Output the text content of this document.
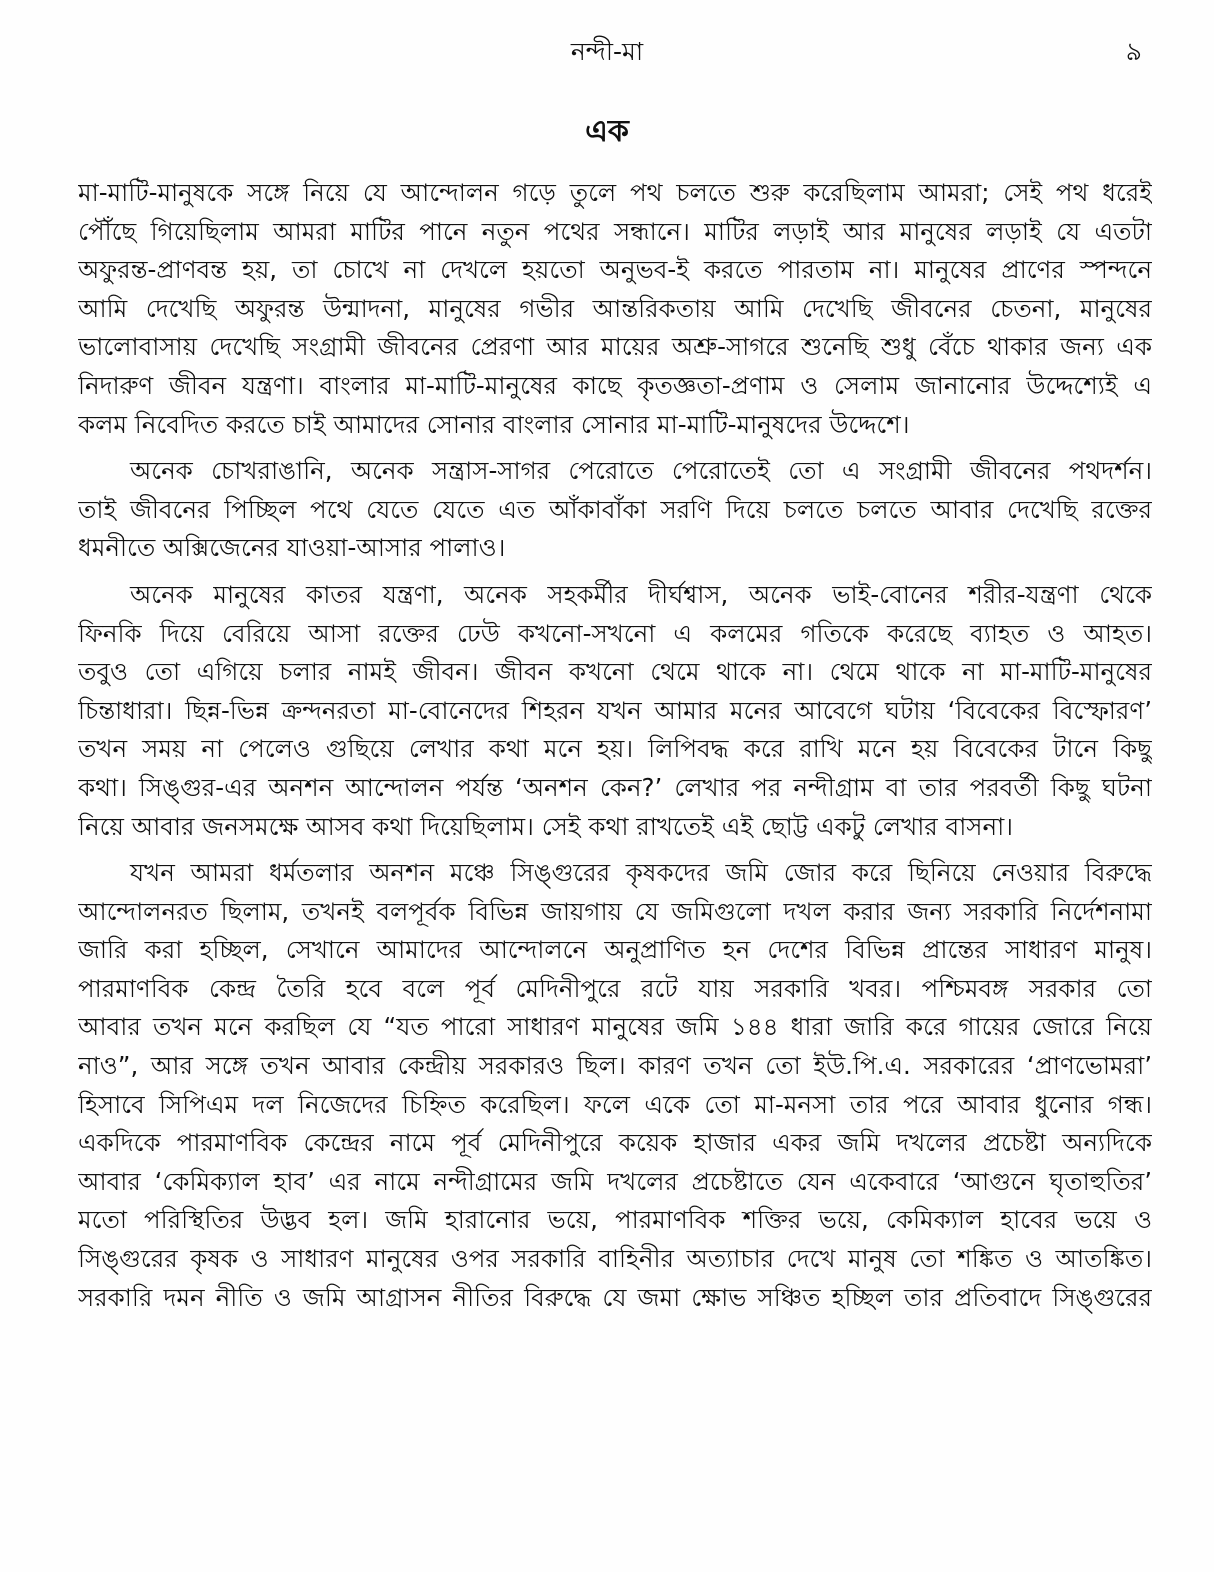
নন্দী-মা	৯
এক
মা-মাটি-মানুষকে সঙ্গে নিয়ে যে আন্দোলন গড়ে তুলে পথ চলতে শুরু করেছিলাম আমরা; সেই পথ ধরেই
পৌঁছে গিয়েছিলাম আমরা মাটির পানে নতুন পথের সন্ধানে। মাটির লড়াই আর মানুষের লড়াই যে এতটা
অফুরন্ত-প্রাণবন্ত হয়, তা চোখে না দেখলে হয়তো অনুভব-ই করতে পারতাম না। মানুষের প্রাণের স্পন্দনে
আমি দেখেছি অফুরন্ত উন্মাদনা, মানুষের গভীর আন্তরিকতায় আমি দেখেছি জীবনের চেতনা, মানুষের
ভালোবাসায় দেখেছি সংগ্রামী জীবনের প্রেরণা আর মায়ের অশ্রু-সাগরে শুনেছি শুধু বেঁচে থাকার জন্য এক
নিদারুণ জীবন যন্ত্রণা। বাংলার মা-মাটি-মানুষের কাছে কৃতজ্ঞতা-প্রণাম ও সেলাম জানানোর উদ্দেশ্যেই এ
কলম নিবেদিত করতে চাই আমাদের সোনার বাংলার সোনার মা-মাটি-মানুষদের উদ্দেশে।
অনেক চোখরাঙানি, অনেক সন্ত্রাস-সাগর পেরোতে পেরোতেই তো এ সংগ্রামী জীবনের পথদর্শন।
তাই জীবনের পিচ্ছিল পথে যেতে যেতে এত আঁকাবাঁকা সরণি দিয়ে চলতে চলতে আবার দেখেছি রক্তের
ধমনীতে অক্সিজেনের যাওয়া-আসার পালাও।
অনেক মানুষের কাতর যন্ত্রণা, অনেক সহকর্মীর দীর্ঘশ্বাস, অনেক ভাই-বোনের শরীর-যন্ত্রণা থেকে
ফিনকি দিয়ে বেরিয়ে আসা রক্তের ঢেউ কখনো-সখনো এ কলমের গতিকে করেছে ব্যাহত ও আহত।
তবুও তো এগিয়ে চলার নামই জীবন। জীবন কখনো থেমে থাকে না। থেমে থাকে না মা-মাটি-মানুষের
চিন্তাধারা। ছিন্ন-ভিন্ন ক্রন্দনরতা মা-বোনেদের শিহরন যখন আমার মনের আবেগে ঘটায় ‘বিবেকের বিস্ফোরণ’
তখন সময় না পেলেও গুছিয়ে লেখার কথা মনে হয়। লিপিবদ্ধ করে রাখি মনে হয় বিবেকের টানে কিছু
কথা। সিঙ্গুর-এর অনশন আন্দোলন পর্যন্ত ‘অনশন কেন?’ লেখার পর নন্দীগ্রাম বা তার পরবর্তী কিছু ঘটনা
নিয়ে আবার জনসমক্ষে আসব কথা দিয়েছিলাম। সেই কথা রাখতেই এই ছোট্ট একটু লেখার বাসনা।
যখন আমরা ধর্মতলার অনশন মঞ্চে সিঙ্গুরের কৃষকদের জমি জোর করে ছিনিয়ে নেওয়ার বিরুদ্ধে
আন্দোলনরত ছিলাম, তখনই বলপূর্বক বিভিন্ন জায়গায় যে জমিগুলো দখল করার জন্য সরকারি নির্দেশনামা
জারি করা হচ্ছিল, সেখানে আমাদের আন্দোলনে অনুপ্রাণিত হন দেশের বিভিন্ন প্রান্তের সাধারণ মানুষ।
পারমাণবিক কেন্দ্র তৈরি হবে বলে পূর্ব মেদিনীপুরে রটে যায় সরকারি খবর। পশ্চিমবঙ্গ সরকার তো
আবার তখন মনে করছিল যে “যত পারো সাধারণ মানুষের জমি ১৪৪ ধারা জারি করে গায়ের জোরে নিয়ে
নাও”, আর সঙ্গে তখন আবার কেন্দ্রীয় সরকারও ছিল। কারণ তখন তো ইউ.পি.এ. সরকারের ‘প্রাণভোমরা’
হিসাবে সিপিএম দল নিজেদের চিহ্নিত করেছিল। ফলে একে তো মা-মনসা তার পরে আবার ধুনোর গন্ধ।
একদিকে পারমাণবিক কেন্দ্রের নামে পূর্ব মেদিনীপুরে কয়েক হাজার একর জমি দখলের প্রচেষ্টা অন্যদিকে
আবার ‘কেমিক্যাল হাব’ এর নামে নন্দীগ্রামের জমি দখলের প্রচেষ্টাতে যেন একেবারে ‘আগুনে ঘৃতাহুতির’
মতো পরিস্থিতির উদ্ভব হল। জমি হারানোর ভয়ে, পারমাণবিক শক্তির ভয়ে, কেমিক্যাল হাবের ভয়ে ও
সিঙ্গুরের কৃষক ও সাধারণ মানুষের ওপর সরকারি বাহিনীর অত্যাচার দেখে মানুষ তো শঙ্কিত ও আতঙ্কিত।
সরকারি দমন নীতি ও জমি আগ্রাসন নীতির বিরুদ্ধে যে জমা ক্ষোভ সঞ্চিত হচ্ছিল তার প্রতিবাদে সিঙ্গুরের
